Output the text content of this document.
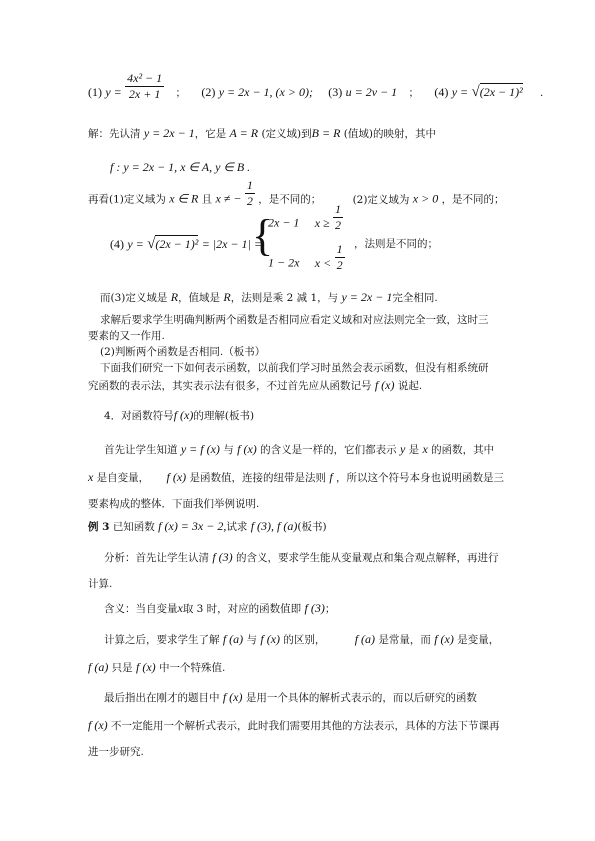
(1) $y = \frac{\text{4x² − 1}}{2x + 1}$ ； (2) y = 2x − 1, (x > 0); (3) u = 2v − 1 ； (4) y = √(2x − 1)² .
解：先认清 y = 2x − 1，它是 A = R (定义域)到B = R (值域)的映射，其中
f : y = 2x − 1, x ∈ A, y ∈ B .
再看(1)定义域为 x ∈ R 且 x ≠ − $\frac{1}{2}$ ，是不同的；	(2)定义域为 x > 0 ，是不同的；
(4) y = √(2x − 1)² = |2x − 1| =
{
2x − 1 $x \ge \frac{1}{2}$
，法则是不同的；
1 − 2x $x < \frac{1}{2}$
而(3)定义域是 R，值域是 R，法则是乘 2 减 1，与 y = 2x − 1完全相同.
求解后要求学生明确判断两个函数是否相同应看定义域和对应法则完全一致，这时三
要素的又一作用.
(2)判断两个函数是否相同.（板书）
下面我们研究一下如何表示函数，以前我们学习时虽然会表示函数，但没有相系统研
究函数的表示法，其实表示法有很多，不过首先应从函数记号 f (x) 说起.
4．对函数符号f (x)的理解(板书)
首先让学生知道 y = f (x) 与 f (x) 的含义是一样的，它们都表示 y 是 x 的函数，其中
x 是自变量， f (x) 是函数值，连接的纽带是法则 f ，所以这个符号本身也说明函数是三
要素构成的整体．下面我们举例说明.
例 3 已知函数 f (x) = 3x − 2,试求 f (3), f (a)(板书)
分析：首先让学生认清 f (3) 的含义，要求学生能从变量观点和集合观点解释，再进行
计算.
含义：当自变量x取 3 时，对应的函数值即 f (3)；
计算之后，要求学生了解 f (a) 与 f (x) 的区别， f (a) 是常量，而 f (x) 是变量，
f (a) 只是 f (x) 中一个特殊值.
最后指出在刚才的题目中 f (x) 是用一个具体的解析式表示的，而以后研究的函数
f (x) 不一定能用一个解析式表示，此时我们需要用其他的方法表示，具体的方法下节课再
进一步研究.
